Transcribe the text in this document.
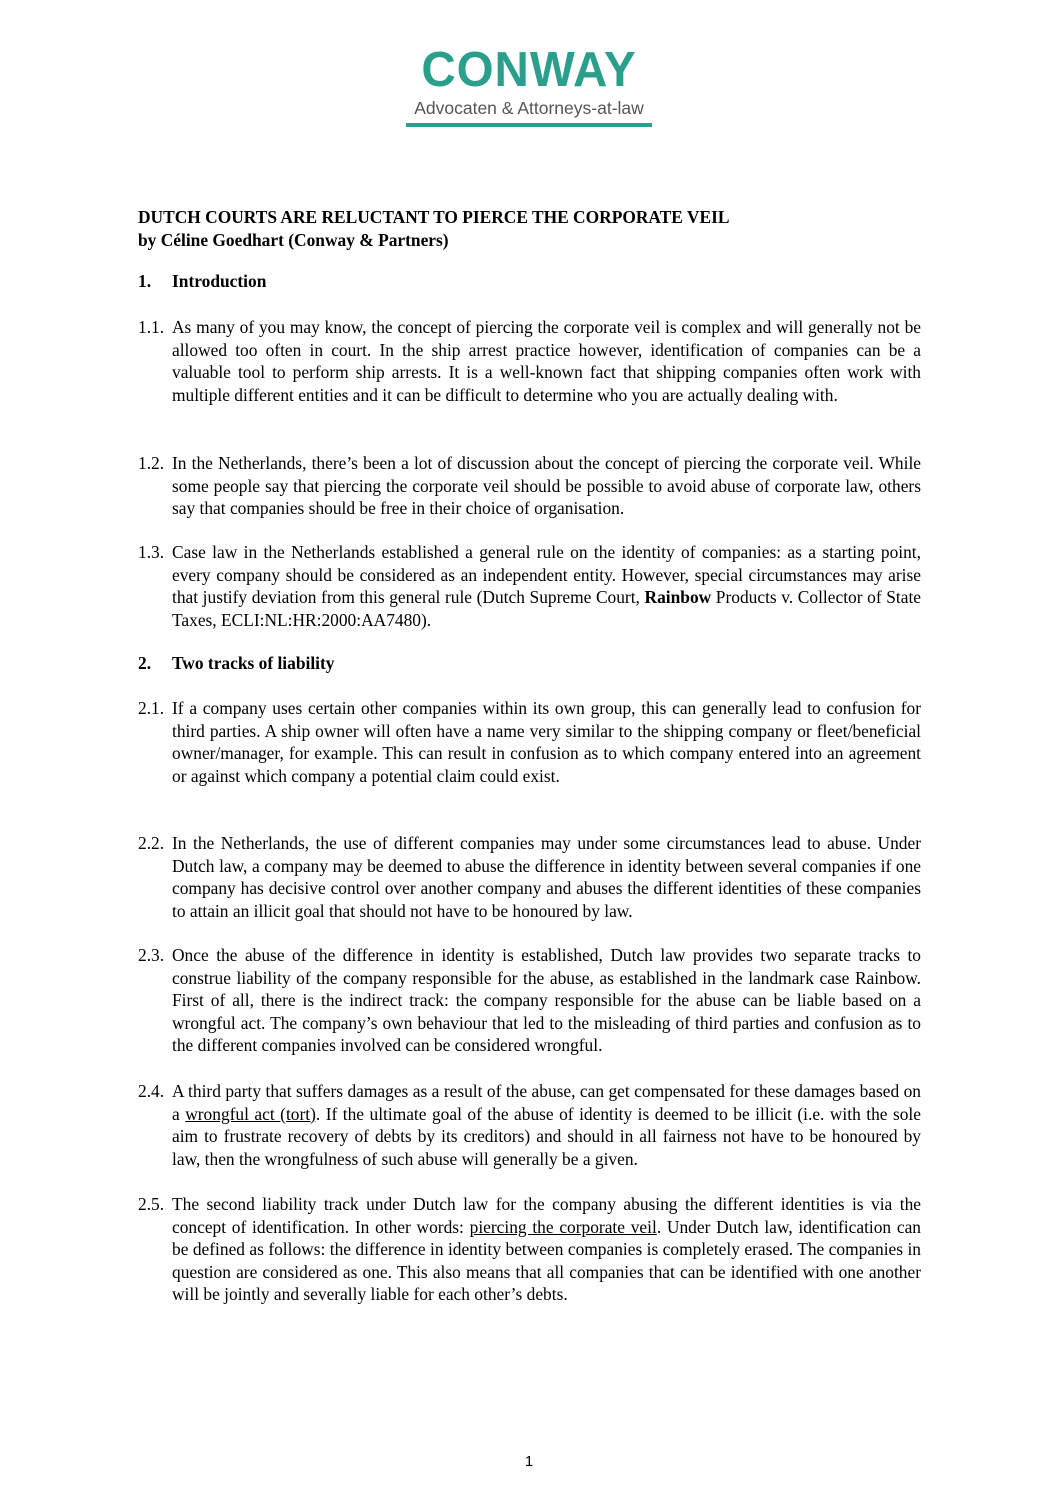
CONWAY
Advocaten & Attorneys-at-law
DUTCH COURTS ARE RELUCTANT TO PIERCE THE CORPORATE VEIL
by Céline Goedhart (Conway & Partners)
1. Introduction
1.1. As many of you may know, the concept of piercing the corporate veil is complex and will generally not be allowed too often in court. In the ship arrest practice however, identification of companies can be a valuable tool to perform ship arrests. It is a well-known fact that shipping companies often work with multiple different entities and it can be difficult to determine who you are actually dealing with.
1.2. In the Netherlands, there’s been a lot of discussion about the concept of piercing the corporate veil. While some people say that piercing the corporate veil should be possible to avoid abuse of corporate law, others say that companies should be free in their choice of organisation.
1.3. Case law in the Netherlands established a general rule on the identity of companies: as a starting point, every company should be considered as an independent entity. However, special circumstances may arise that justify deviation from this general rule (Dutch Supreme Court, Rainbow Products v. Collector of State Taxes, ECLI:NL:HR:2000:AA7480).
2. Two tracks of liability
2.1. If a company uses certain other companies within its own group, this can generally lead to confusion for third parties. A ship owner will often have a name very similar to the shipping company or fleet/beneficial owner/manager, for example. This can result in confusion as to which company entered into an agreement or against which company a potential claim could exist.
2.2. In the Netherlands, the use of different companies may under some circumstances lead to abuse. Under Dutch law, a company may be deemed to abuse the difference in identity between several companies if one company has decisive control over another company and abuses the different identities of these companies to attain an illicit goal that should not have to be honoured by law.
2.3. Once the abuse of the difference in identity is established, Dutch law provides two separate tracks to construe liability of the company responsible for the abuse, as established in the landmark case Rainbow. First of all, there is the indirect track: the company responsible for the abuse can be liable based on a wrongful act. The company’s own behaviour that led to the misleading of third parties and confusion as to the different companies involved can be considered wrongful.
2.4. A third party that suffers damages as a result of the abuse, can get compensated for these damages based on a wrongful act (tort). If the ultimate goal of the abuse of identity is deemed to be illicit (i.e. with the sole aim to frustrate recovery of debts by its creditors) and should in all fairness not have to be honoured by law, then the wrongfulness of such abuse will generally be a given.
2.5. The second liability track under Dutch law for the company abusing the different identities is via the concept of identification. In other words: piercing the corporate veil. Under Dutch law, identification can be defined as follows: the difference in identity between companies is completely erased. The companies in question are considered as one. This also means that all companies that can be identified with one another will be jointly and severally liable for each other’s debts.
1
